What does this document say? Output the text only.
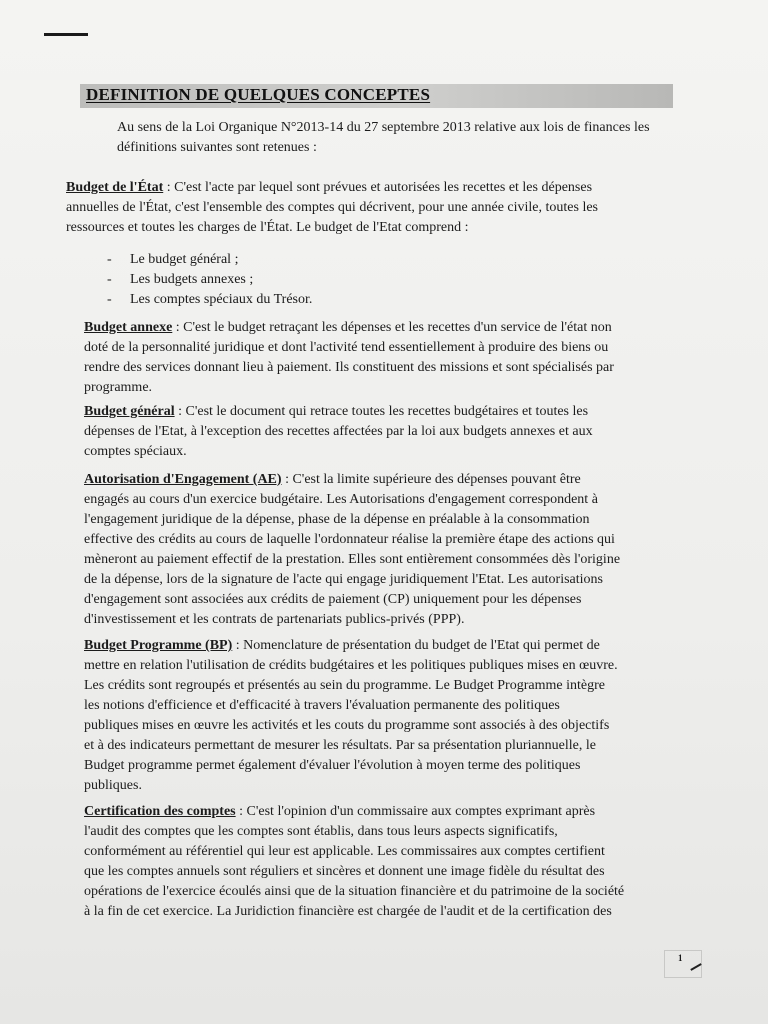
DEFINITION DE QUELQUES CONCEPTES
Au sens de la Loi Organique N°2013-14 du 27 septembre 2013 relative aux lois de finances les
définitions suivantes sont retenues :
Budget de l'État : C'est l'acte par lequel sont prévues et autorisées les recettes et les dépenses
annuelles de l'État, c'est l'ensemble des comptes qui décrivent, pour une année civile, toutes les
ressources et toutes les charges de l'État. Le budget de l'Etat comprend :
- Le budget général ;
- Les budgets annexes ;
- Les comptes spéciaux du Trésor.
Budget annexe : C'est le budget retraçant les dépenses et les recettes d'un service de l'état non
doté de la personnalité juridique et dont l'activité tend essentiellement à produire des biens ou
rendre des services donnant lieu à paiement. Ils constituent des missions et sont spécialisés par
programme.
Budget général : C'est le document qui retrace toutes les recettes budgétaires et toutes les
dépenses de l'Etat, à l'exception des recettes affectées par la loi aux budgets annexes et aux
comptes spéciaux.
Autorisation d'Engagement (AE) : C'est la limite supérieure des dépenses pouvant être
engagés au cours d'un exercice budgétaire. Les Autorisations d'engagement correspondent à
l'engagement juridique de la dépense, phase de la dépense en préalable à la consommation
effective des crédits au cours de laquelle l'ordonnateur réalise la première étape des actions qui
mèneront au paiement effectif de la prestation. Elles sont entièrement consommées dès l'origine
de la dépense, lors de la signature de l'acte qui engage juridiquement l'Etat. Les autorisations
d'engagement sont associées aux crédits de paiement (CP) uniquement pour les dépenses
d'investissement et les contrats de partenariats publics-privés (PPP).
Budget Programme (BP) : Nomenclature de présentation du budget de l'Etat qui permet de
mettre en relation l'utilisation de crédits budgétaires et les politiques publiques mises en œuvre.
Les crédits sont regroupés et présentés au sein du programme. Le Budget Programme intègre
les notions d'efficience et d'efficacité à travers l'évaluation permanente des politiques
publiques mises en œuvre les activités et les couts du programme sont associés à des objectifs
et à des indicateurs permettant de mesurer les résultats. Par sa présentation pluriannuelle, le
Budget programme permet également d'évaluer l'évolution à moyen terme des politiques
publiques.
Certification des comptes : C'est l'opinion d'un commissaire aux comptes exprimant après
l'audit des comptes que les comptes sont établis, dans tous leurs aspects significatifs,
conformément au référentiel qui leur est applicable. Les commissaires aux comptes certifient
que les comptes annuels sont réguliers et sincères et donnent une image fidèle du résultat des
opérations de l'exercice écoulés ainsi que de la situation financière et du patrimoine de la société
à la fin de cet exercice. La Juridiction financière est chargée de l'audit et de la certification des
1
